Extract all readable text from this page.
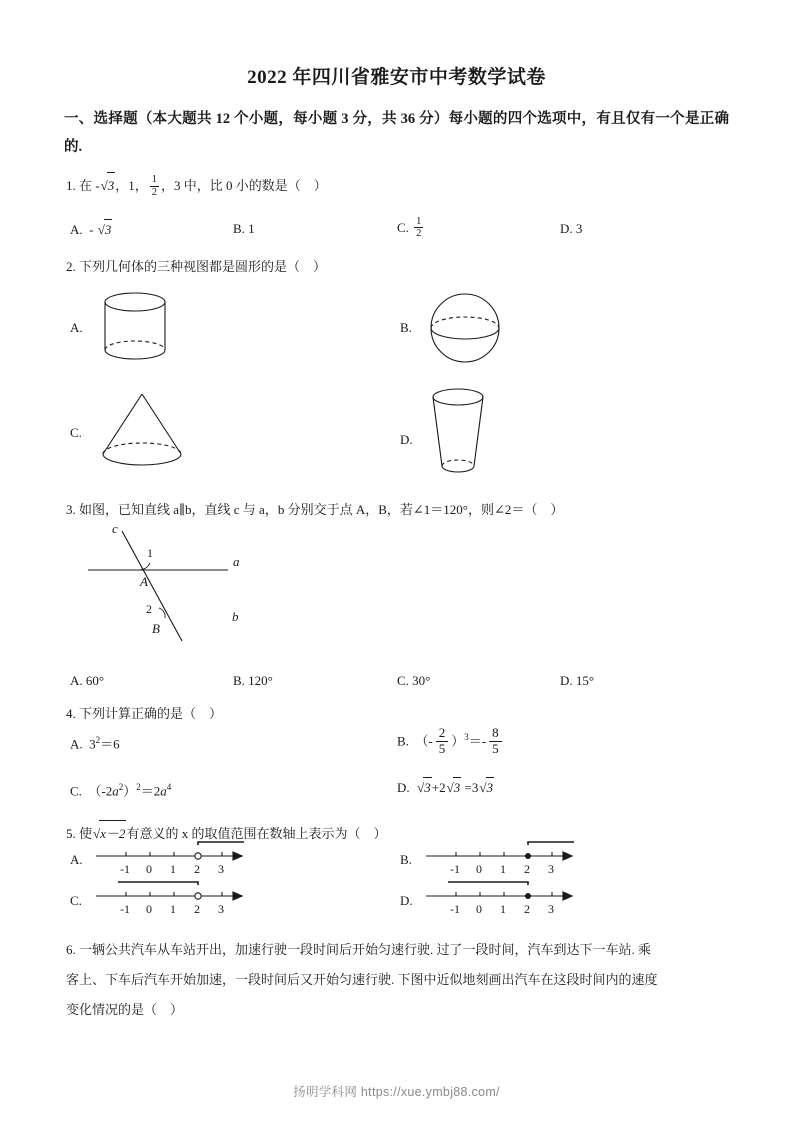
2022 年四川省雅安市中考数学试卷
一、选择题（本大题共 12 个小题，每小题 3 分，共 36 分）每小题的四个选项中，有且仅有一个是正确的.
1. 在 -√3，1， $\frac{1}{2}$ ，3 中，比 0 小的数是（ ）
A.  - √3	B. 1	C. $\frac{1}{2}$	D. 3
2. 下列几何体的三种视图都是圆形的是（ ）
A.	B.
C.	D.
3. 如图，已知直线 a∥b，直线 c 与 a，b 分别交于点 A，B，若∠1＝120°，则∠2＝（ ）
c
1
a
A
2
B
b
A. 60°	B. 120°	C. 30°	D. 15°
4. 下列计算正确的是（ ）
A.  $3^2=6$	B.  （- $\frac{2}{5} )^3=- \frac{8}{5}$
C.  $(-2a^2)^2=2a^4$	D. √3+2√3 =3√3
5. 使√x－2有意义的 x 的取值范围在数轴上表示为（ ）
A.
-1 0 1 2 3
B.
-1 0 1 2 3
C.
-1 0 1 2 3
D.
-1 0 1 2 3
6. 一辆公共汽车从车站开出，加速行驶一段时间后开始匀速行驶. 过了一段时间，汽车到达下一车站. 乘
客上、下车后汽车开始加速，一段时间后又开始匀速行驶. 下图中近似地刻画出汽车在这段时间内的速度
变化情况的是（ ）
扬明学科网 https://xue.ymbj88.com/
